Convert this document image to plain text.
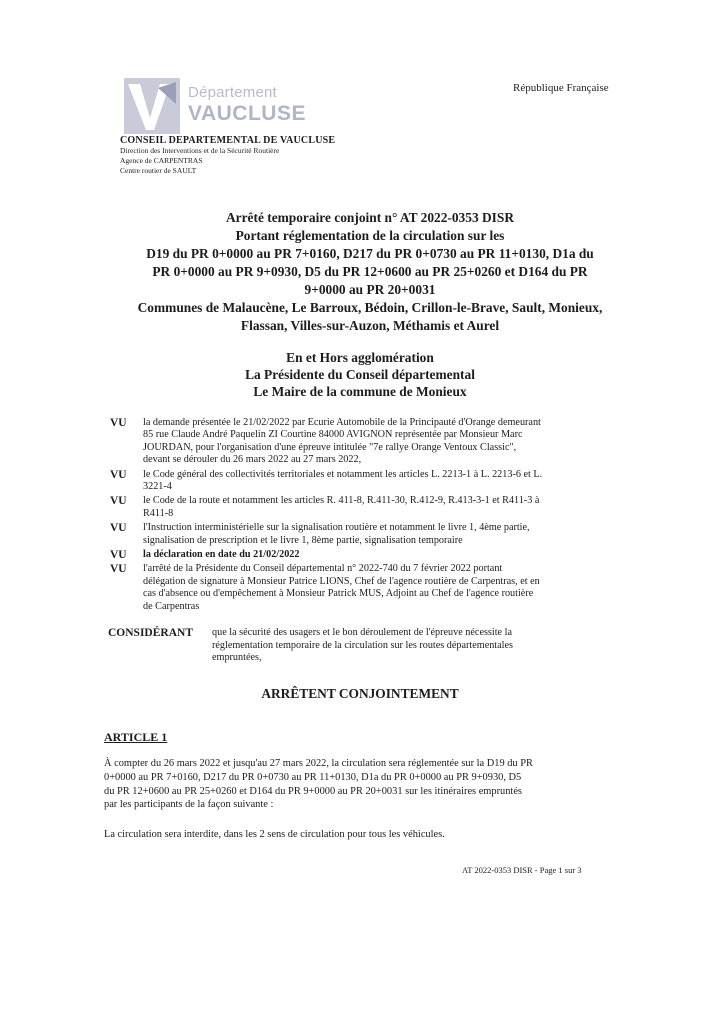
Département
VAUCLUSE
République Française
CONSEIL DEPARTEMENTAL DE VAUCLUSE
Direction des Interventions et de la Sécurité Routière
Agence de CARPENTRAS
Centre routier de SAULT
Arrêté temporaire conjoint n° AT 2022-0353 DISR
Portant réglementation de la circulation sur les
D19 du PR 0+0000 au PR 7+0160, D217 du PR 0+0730 au PR 11+0130, D1a du
PR 0+0000 au PR 9+0930, D5 du PR 12+0600 au PR 25+0260 et D164 du PR
9+0000 au PR 20+0031
Communes de Malaucène, Le Barroux, Bédoin, Crillon-le-Brave, Sault, Monieux,
Flassan, Villes-sur-Auzon, Méthamis et Aurel
En et Hors agglomération
La Présidente du Conseil départemental
Le Maire de la commune de Monieux
VU	la demande présentée le 21/02/2022 par Ecurie Automobile de la Principauté d'Orange demeurant
85 rue Claude André Paquelin ZI Courtine 84000 AVIGNON représentée par Monsieur Marc
JOURDAN, pour l'organisation d'une épreuve intitulée "7e rallye Orange Ventoux Classic",
devant se dérouler du 26 mars 2022 au 27 mars 2022,
VU	le Code général des collectivités territoriales et notamment les articles L. 2213-1 à L. 2213-6 et L.
3221-4
VU	le Code de la route et notamment les articles R. 411-8, R.411-30, R.412-9, R.413-3-1 et R411-3 à
R411-8
VU	l'Instruction interministérielle sur la signalisation routière et notamment le livre 1, 4ème partie,
signalisation de prescription et le livre 1, 8ème partie, signalisation temporaire
VU	la déclaration en date du 21/02/2022
VU	l'arrêté de la Présidente du Conseil départemental n° 2022-740 du 7 février 2022 portant
délégation de signature à Monsieur Patrice LIONS, Chef de l'agence routière de Carpentras, et en
cas d'absence ou d'empêchement à Monsieur Patrick MUS, Adjoint au Chef de l'agence routière
de Carpentras
CONSIDÉRANT	que la sécurité des usagers et le bon déroulement de l'épreuve nécessite la
réglementation temporaire de la circulation sur les routes départementales
empruntées,
ARRÊTENT CONJOINTEMENT
ARTICLE 1
À compter du 26 mars 2022 et jusqu'au 27 mars 2022, la circulation sera réglementée sur la D19 du PR
0+0000 au PR 7+0160, D217 du PR 0+0730 au PR 11+0130, D1a du PR 0+0000 au PR 9+0930, D5
du PR 12+0600 au PR 25+0260 et D164 du PR 9+0000 au PR 20+0031 sur les itinéraires empruntés
par les participants de la façon suivante :
La circulation sera interdite, dans les 2 sens de circulation pour tous les véhicules.
AT 2022-0353 DISR - Page 1 sur 3
